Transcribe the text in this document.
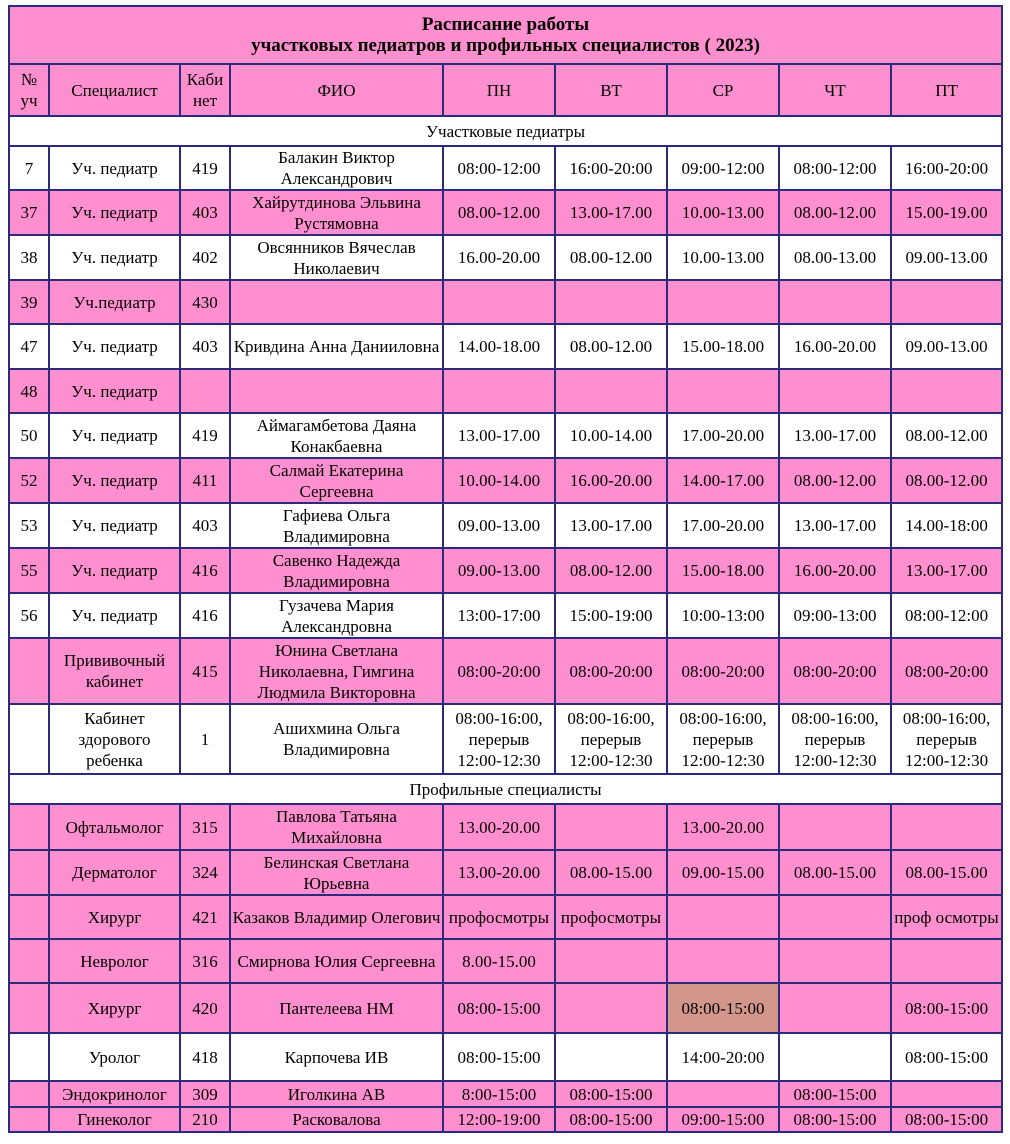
Расписание работы
участковых педиатров и профильных специалистов ( 2023)								

№ уч	Специалист	Каби нет	ФИО	ПН	ВТ	СР	ЧТ	ПТ
Участковые педиатры								
7	Уч. педиатр	419	Балакин Виктор Александрович	08:00-12:00	16:00-20:00	09:00-12:00	08:00-12:00	16:00-20:00
37	Уч. педиатр	403	Хайрутдинова Эльвина Рустямовна	08.00-12.00	13.00-17.00	10.00-13.00	08.00-12.00	15.00-19.00
38	Уч. педиатр	402	Овсянников Вячеслав Николаевич	16.00-20.00	08.00-12.00	10.00-13.00	08.00-13.00	09.00-13.00
39	Уч.педиатр	430						
47	Уч. педиатр	403	Кривдина Анна Данииловна	14.00-18.00	08.00-12.00	15.00-18.00	16.00-20.00	09.00-13.00
48	Уч. педиатр							
50	Уч. педиатр	419	Аймагамбетова Даяна Конакбаевна	13.00-17.00	10.00-14.00	17.00-20.00	13.00-17.00	08.00-12.00
52	Уч. педиатр	411	Салмай Екатерина Сергеевна	10.00-14.00	16.00-20.00	14.00-17.00	08.00-12.00	08.00-12.00
53	Уч. педиатр	403	Гафиева Ольга Владимировна	09.00-13.00	13.00-17.00	17.00-20.00	13.00-17.00	14.00-18:00
55	Уч. педиатр	416	Савенко Надежда Владимировна	09.00-13.00	08.00-12.00	15.00-18.00	16.00-20.00	13.00-17.00
56	Уч. педиатр	416	Гузачева Мария Александровна	13:00-17:00	15:00-19:00	10:00-13:00	09:00-13:00	08:00-12:00
	Прививочный кабинет	415	Юнина Светлана Николаевна, Гимгина Людмила Викторовна	08:00-20:00	08:00-20:00	08:00-20:00	08:00-20:00	08:00-20:00
	Кабинет здорового ребенка	1	Ашихмина Ольга Владимировна	08:00-16:00, перерыв 12:00-12:30	08:00-16:00, перерыв 12:00-12:30	08:00-16:00, перерыв 12:00-12:30	08:00-16:00, перерыв 12:00-12:30	08:00-16:00, перерыв 12:00-12:30
Профильные специалисты								
	Офтальмолог	315	Павлова Татьяна Михайловна	13.00-20.00		13.00-20.00		
	Дерматолог	324	Белинская Светлана Юрьевна	13.00-20.00	08.00-15.00	09.00-15.00	08.00-15.00	08.00-15.00
	Хирург	421	Казаков Владимир Олегович	профосмотры	профосмотры			проф осмотры
	Невролог	316	Смирнова Юлия Сергеевна	8.00-15.00				
	Хирург	420	Пантелеева НМ	08:00-15:00		08:00-15:00		08:00-15:00
	Уролог	418	Карпочева ИВ	08:00-15:00		14:00-20:00		08:00-15:00
	Эндокринолог	309	Иголкина АВ	8:00-15:00	08:00-15:00		08:00-15:00	
	Гинеколог	210	Расковалова	12:00-19:00	08:00-15:00	09:00-15:00	08:00-15:00	08:00-15:00
